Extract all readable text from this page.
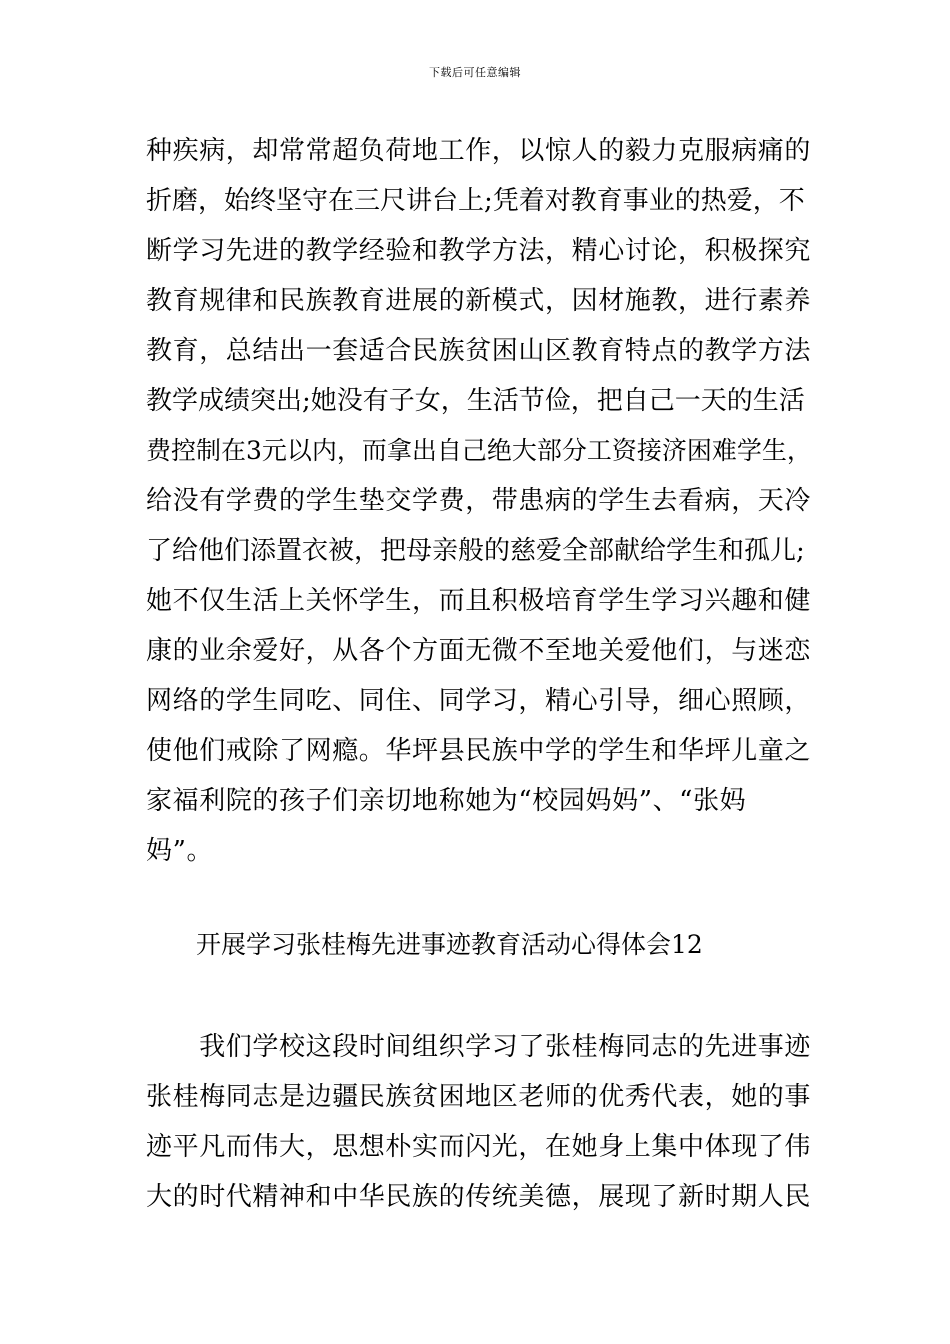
下载后可任意编辑
种疾病，却常常超负荷地工作，以惊人的毅力克服病痛的
折磨，始终坚守在三尺讲台上;凭着对教育事业的热爱，不
断学习先进的教学经验和教学方法，精心讨论，积极探究
教育规律和民族教育进展的新模式，因材施教，进行素养
教育，总结出一套适合民族贫困山区教育特点的教学方法
教学成绩突出;她没有子女，生活节俭，把自己一天的生活
费控制在3元以内，而拿出自己绝大部分工资接济困难学生，
给没有学费的学生垫交学费，带患病的学生去看病，天冷
了给他们添置衣被，把母亲般的慈爱全部献给学生和孤儿;
她不仅生活上关怀学生，而且积极培育学生学习兴趣和健
康的业余爱好，从各个方面无微不至地关爱他们，与迷恋
网络的学生同吃、同住、同学习，精心引导，细心照顾，
使他们戒除了网瘾。华坪县民族中学的学生和华坪儿童之
家福利院的孩子们亲切地称她为“校园妈妈”、“张妈
妈”。
开展学习张桂梅先进事迹教育活动心得体会12
　　我们学校这段时间组织学习了张桂梅同志的先进事迹
张桂梅同志是边疆民族贫困地区老师的优秀代表，她的事
迹平凡而伟大，思想朴实而闪光，在她身上集中体现了伟
大的时代精神和中华民族的传统美德，展现了新时期人民
